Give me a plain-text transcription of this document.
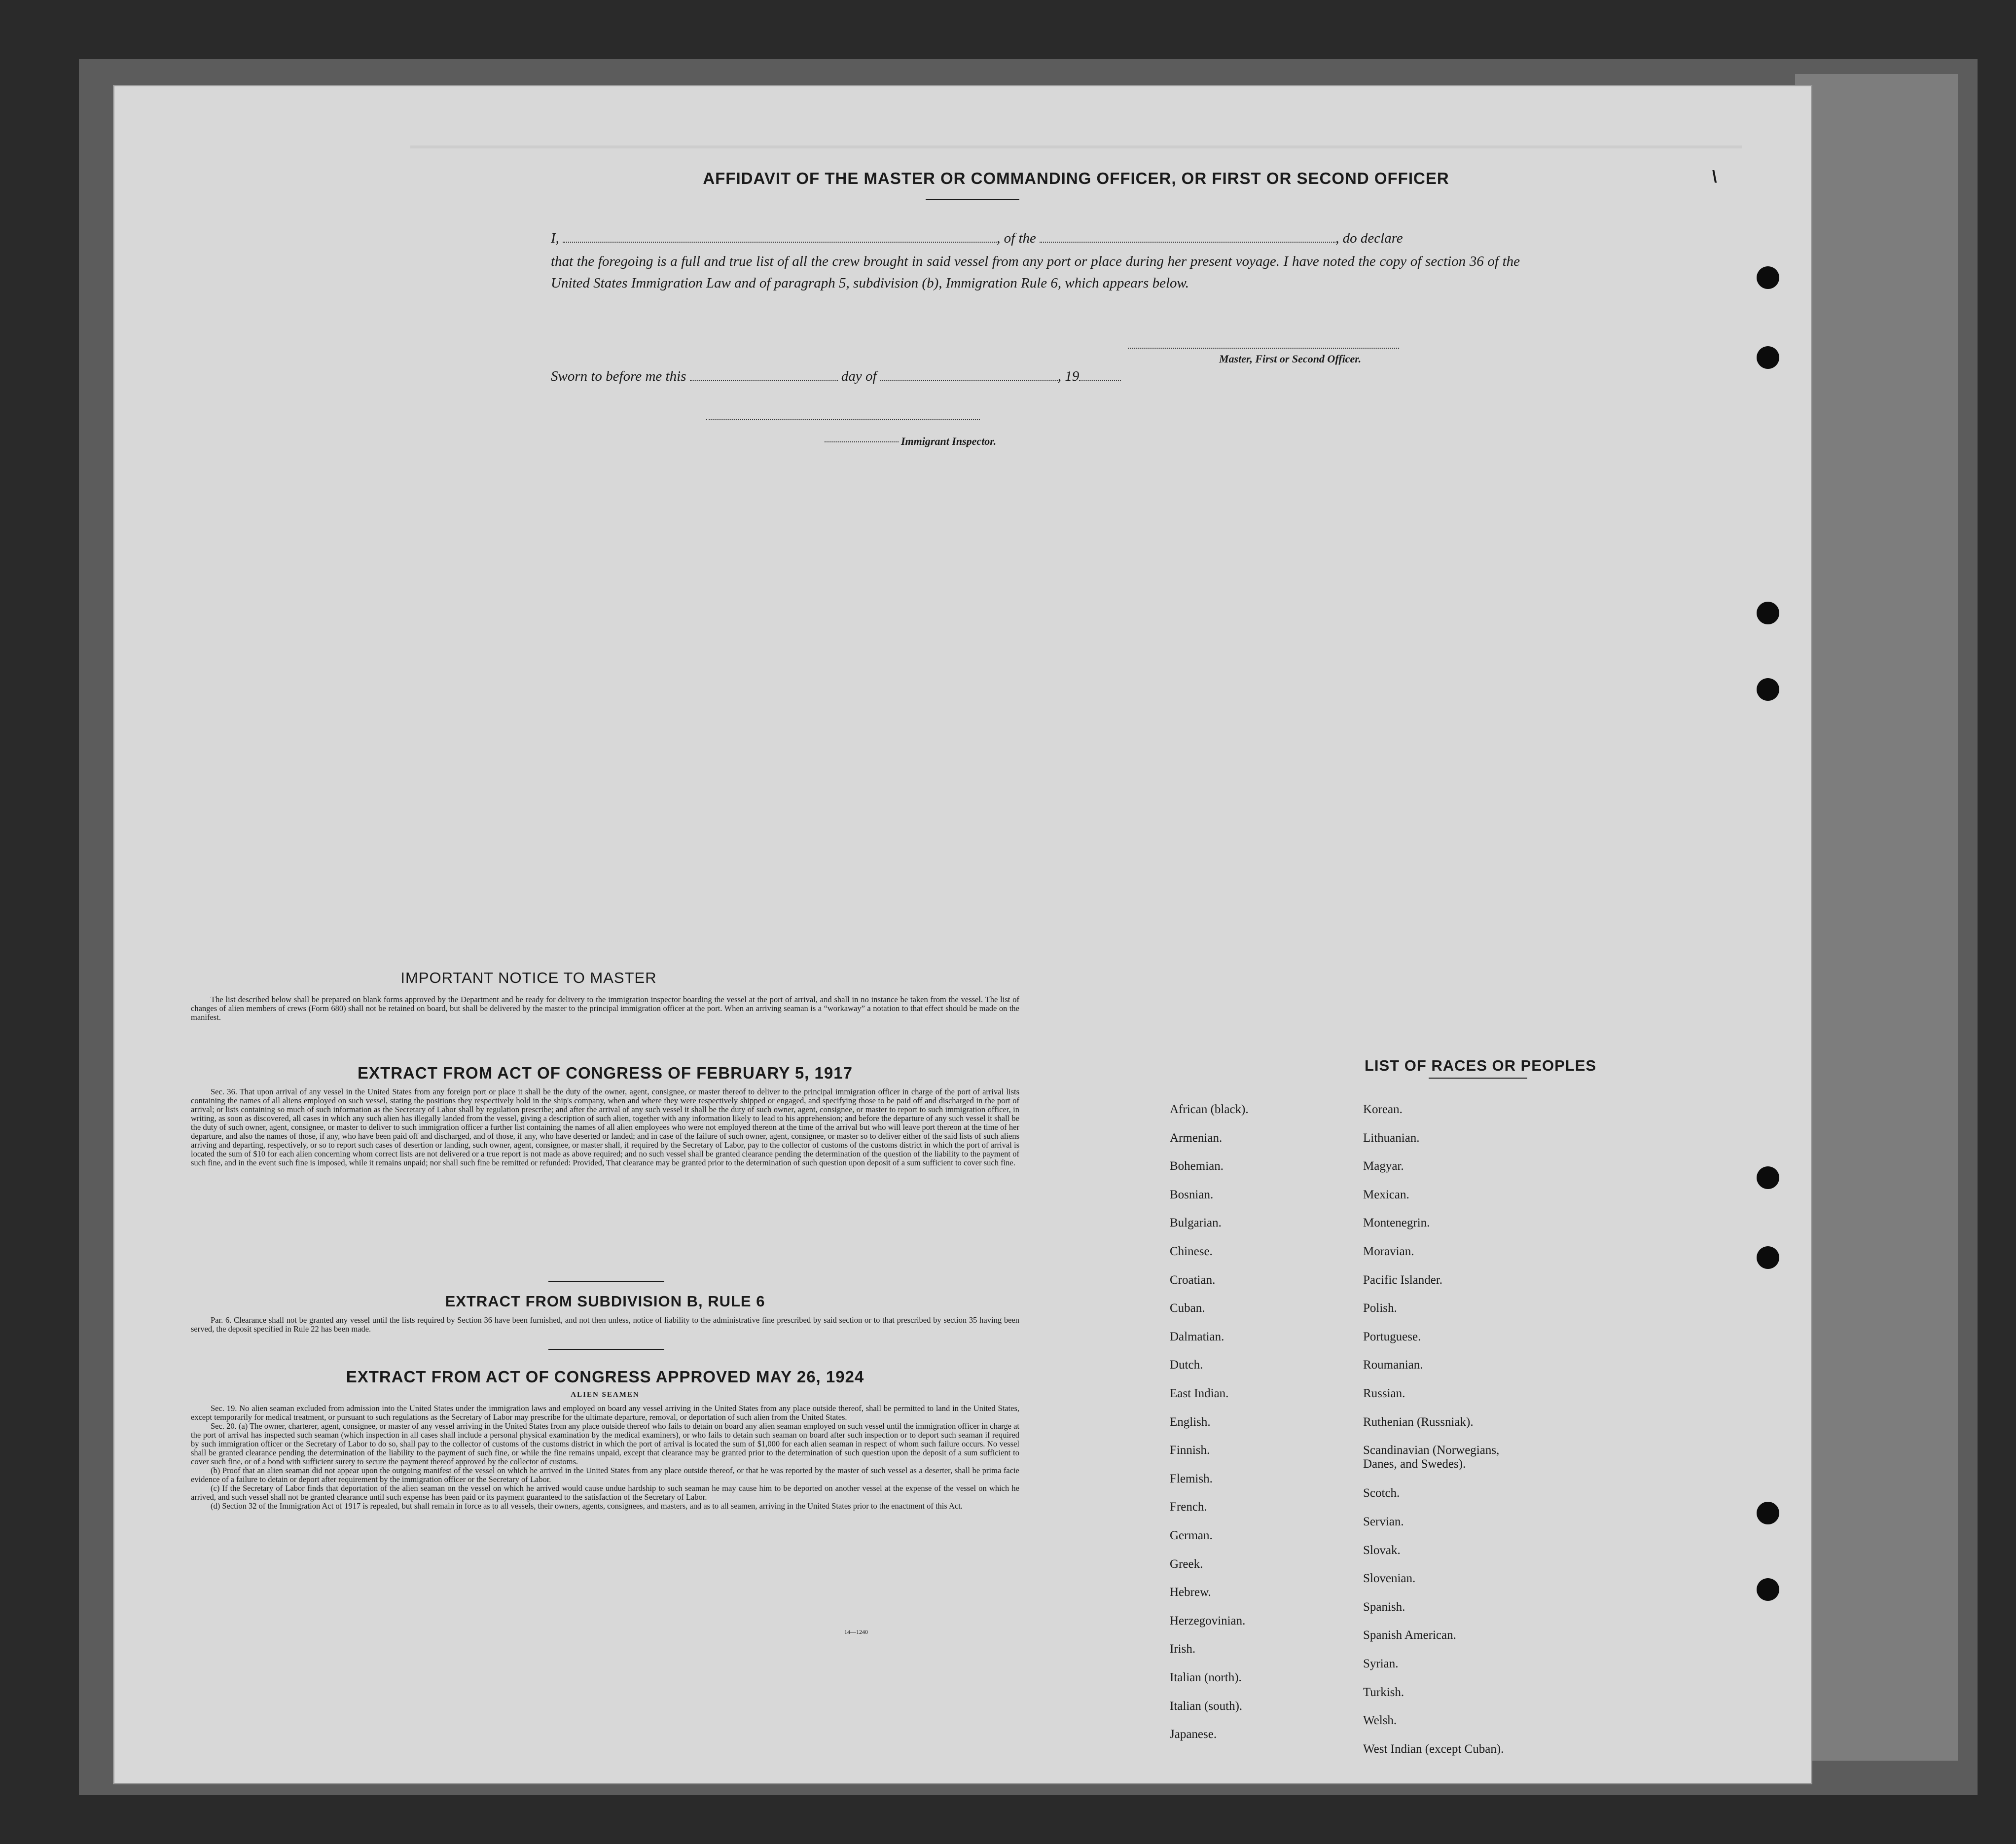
\
AFFIDAVIT OF THE MASTER OR COMMANDING OFFICER, OR FIRST OR SECOND OFFICER
I,	, of the	, do declare
that the foregoing is a full and true list of all the crew brought in said vessel from any port or place during her present voyage. I have noted the copy of section 36 of the United States Immigration Law and of paragraph 5, subdivision (b), Immigration Rule 6, which appears below.
Master, First or Second Officer.
Sworn to before me this	day of	, 19
Immigrant Inspector.
IMPORTANT NOTICE TO MASTER

The list described below shall be prepared on blank forms approved by the Department and be ready for delivery to the immigration inspector boarding the vessel at the port of arrival, and shall in no instance be taken from the vessel. The list of changes of alien members of crews (Form 680) shall not be retained on board, but shall be delivered by the master to the principal immigration officer at the port. When an arriving seaman is a “workaway” a notation to that effect should be made on the manifest.

EXTRACT FROM ACT OF CONGRESS OF FEBRUARY 5, 1917

Sec. 36. That upon arrival of any vessel in the United States from any foreign port or place it shall be the duty of the owner, agent, consignee, or master thereof to deliver to the principal immigration officer in charge of the port of arrival lists containing the names of all aliens employed on such vessel, stating the positions they respectively hold in the ship's company, when and where they were respectively shipped or engaged, and specifying those to be paid off and discharged in the port of arrival; or lists containing so much of such information as the Secretary of Labor shall by regulation prescribe; and after the arrival of any such vessel it shall be the duty of such owner, agent, consignee, or master to report to such immigration officer, in writing, as soon as discovered, all cases in which any such alien has illegally landed from the vessel, giving a description of such alien, together with any information likely to lead to his apprehension; and before the departure of any such vessel it shall be the duty of such owner, agent, consignee, or master to deliver to such immigration officer a further list containing the names of all alien employees who were not employed thereon at the time of the arrival but who will leave port thereon at the time of her departure, and also the names of those, if any, who have been paid off and discharged, and of those, if any, who have deserted or landed; and in case of the failure of such owner, agent, consignee, or master so to deliver either of the said lists of such aliens arriving and departing, respectively, or so to report such cases of desertion or landing, such owner, agent, consignee, or master shall, if required by the Secretary of Labor, pay to the collector of customs of the customs district in which the port of arrival is located the sum of $10 for each alien concerning whom correct lists are not delivered or a true report is not made as above required; and no such vessel shall be granted clearance pending the determination of the question of the liability to the payment of such fine, and in the event such fine is imposed, while it remains unpaid; nor shall such fine be remitted or refunded: Provided, That clearance may be granted prior to the determination of such question upon deposit of a sum sufficient to cover such fine.

EXTRACT FROM SUBDIVISION B, RULE 6

Par. 6. Clearance shall not be granted any vessel until the lists required by Section 36 have been furnished, and not then unless, notice of liability to the administrative fine prescribed by said section or to that prescribed by section 35 having been served, the deposit specified in Rule 22 has been made.

EXTRACT FROM ACT OF CONGRESS APPROVED MAY 26, 1924
ALIEN SEAMEN

Sec. 19. No alien seaman excluded from admission into the United States under the immigration laws and employed on board any vessel arriving in the United States from any place outside thereof, shall be permitted to land in the United States, except temporarily for medical treatment, or pursuant to such regulations as the Secretary of Labor may prescribe for the ultimate departure, removal, or deportation of such alien from the United States.

Sec. 20. (a) The owner, charterer, agent, consignee, or master of any vessel arriving in the United States from any place outside thereof who fails to detain on board any alien seaman employed on such vessel until the immigration officer in charge at the port of arrival has inspected such seaman (which inspection in all cases shall include a personal physical examination by the medical examiners), or who fails to detain such seaman on board after such inspection or to deport such seaman if required by such immigration officer or the Secretary of Labor to do so, shall pay to the collector of customs of the customs district in which the port of arrival is located the sum of $1,000 for each alien seaman in respect of whom such failure occurs. No vessel shall be granted clearance pending the determination of the liability to the payment of such fine, or while the fine remains unpaid, except that clearance may be granted prior to the determination of such question upon the deposit of a sum sufficient to cover such fine, or of a bond with sufficient surety to secure the payment thereof approved by the collector of customs.

(b) Proof that an alien seaman did not appear upon the outgoing manifest of the vessel on which he arrived in the United States from any place outside thereof, or that he was reported by the master of such vessel as a deserter, shall be prima facie evidence of a failure to detain or deport after requirement by the immigration officer or the Secretary of Labor.

(c) If the Secretary of Labor finds that deportation of the alien seaman on the vessel on which he arrived would cause undue hardship to such seaman he may cause him to be deported on another vessel at the expense of the vessel on which he arrived, and such vessel shall not be granted clearance until such expense has been paid or its payment guaranteed to the satisfaction of the Secretary of Labor.

(d) Section 32 of the Immigration Act of 1917 is repealed, but shall remain in force as to all vessels, their owners, agents, consignees, and masters, and as to all seamen, arriving in the United States prior to the enactment of this Act.

14—1240
LIST OF RACES OR PEOPLES
African (black).
Armenian.
Bohemian.
Bosnian.
Bulgarian.
Chinese.
Croatian.
Cuban.
Dalmatian.
Dutch.
East Indian.
English.
Finnish.
Flemish.
French.
German.
Greek.
Hebrew.
Herzegovinian.
Irish.
Italian (north).
Italian (south).
Japanese.
Korean.
Lithuanian.
Magyar.
Mexican.
Montenegrin.
Moravian.
Pacific Islander.
Polish.
Portuguese.
Roumanian.
Russian.
Ruthenian (Russniak).
Scandinavian (Norwegians,
Danes, and Swedes).
Scotch.
Servian.
Slovak.
Slovenian.
Spanish.
Spanish American.
Syrian.
Turkish.
Welsh.
West Indian (except Cuban).
